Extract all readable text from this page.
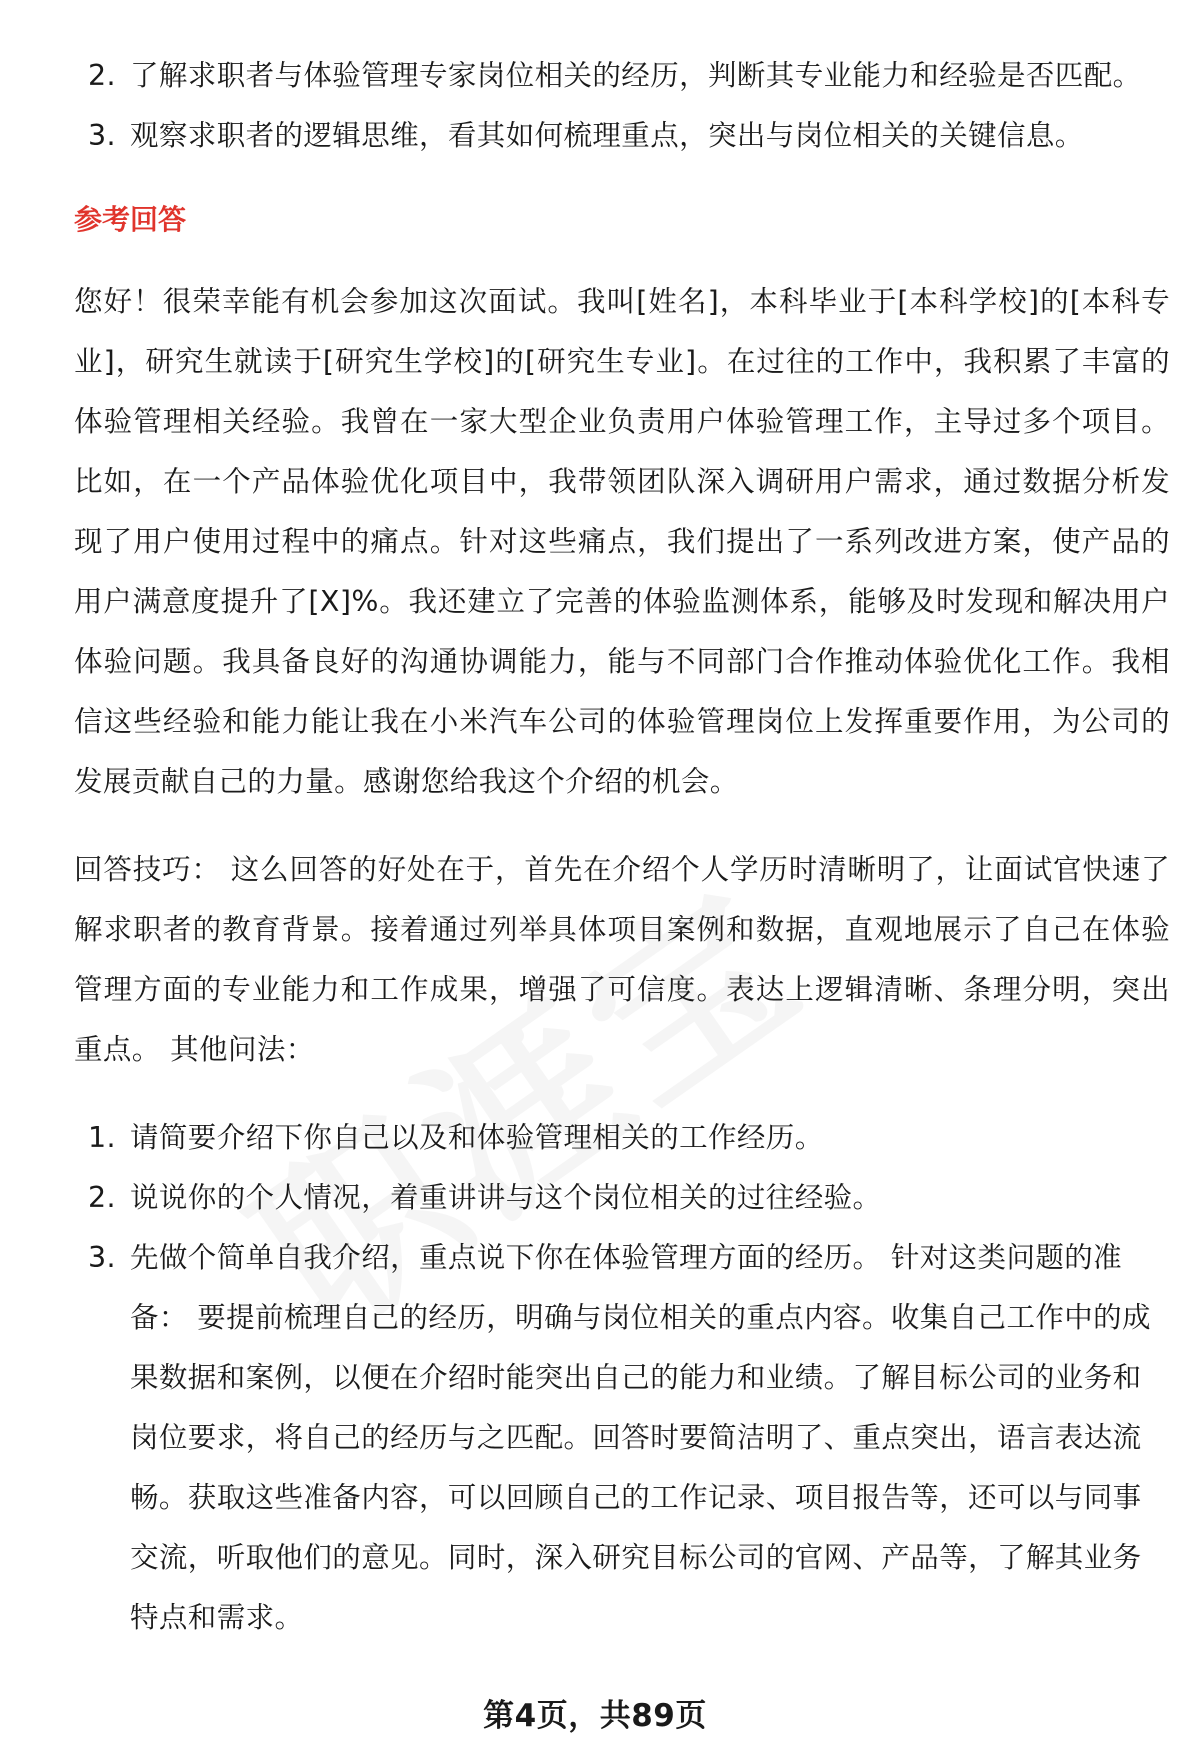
2. 了解求职者与体验管理专家岗位相关的经历，判断其专业能力和经验是否匹配。
3. 观察求职者的逻辑思维，看其如何梳理重点，突出与岗位相关的关键信息。
参考回答

您好！很荣幸能有机会参加这次面试。我叫[姓名]，本科毕业于[本科学校]的[本科专业]，研究生就读于[研究生学校]的[研究生专业]。在过往的工作中，我积累了丰富的体验管理相关经验。我曾在一家大型企业负责用户体验管理工作，主导过多个项目。比如，在一个产品体验优化项目中，我带领团队深入调研用户需求，通过数据分析发现了用户使用过程中的痛点。针对这些痛点，我们提出了一系列改进方案，使产品的用户满意度提升了[X]%。我还建立了完善的体验监测体系，能够及时发现和解决用户体验问题。我具备良好的沟通协调能力，能与不同部门合作推动体验优化工作。我相信这些经验和能力能让我在小米汽车公司的体验管理岗位上发挥重要作用，为公司的发展贡献自己的力量。感谢您给我这个介绍的机会。

回答技巧： 这么回答的好处在于，首先在介绍个人学历时清晰明了，让面试官快速了解求职者的教育背景。接着通过列举具体项目案例和数据，直观地展示了自己在体验管理方面的专业能力和工作成果，增强了可信度。表达上逻辑清晰、条理分明，突出重点。 其他问法：

1. 请简要介绍下你自己以及和体验管理相关的工作经历。
2. 说说你的个人情况，着重讲讲与这个岗位相关的过往经验。
3. 先做个简单自我介绍，重点说下你在体验管理方面的经历。 针对这类问题的准备： 要提前梳理自己的经历，明确与岗位相关的重点内容。收集自己工作中的成果数据和案例，以便在介绍时能突出自己的能力和业绩。了解目标公司的业务和岗位要求，将自己的经历与之匹配。回答时要简洁明了、重点突出，语言表达流畅。获取这些准备内容，可以回顾自己的工作记录、项目报告等，还可以与同事交流，听取他们的意见。同时，深入研究目标公司的官网、产品等，了解其业务特点和需求。
第4页，共89页
